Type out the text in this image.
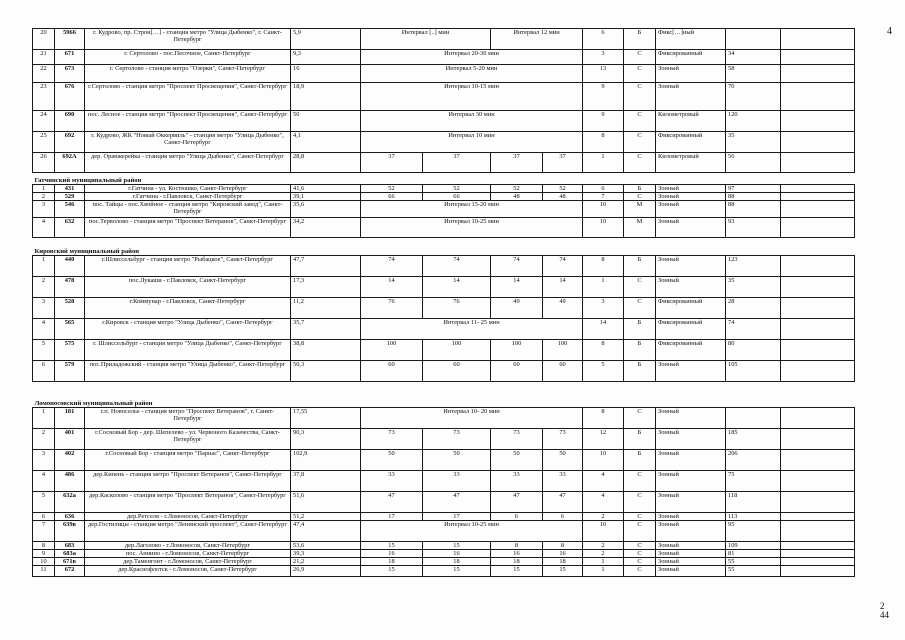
4
20	5966	г. Кудрово, пр. Строи[…] - станция метро "Улица Дыбенко", г. Санкт-Петербург	5,9	Интервал [..] мин		Интервал 12 мин		6	Б	Фикс[…]ный		
21	671	г. Сертолово - пос.Песочное, Санкт-Петербург	9,3	Интервал 20-30 мин				3	С	Фиксированный	34	
22	673	г. Сертолово - станция метро "Озерки", Санкт-Петербург	16	Интервал 5-20 мин				13	С	Зонный	58	
23	676	г.Сертолово - станция метро "Проспект Просвещения", Санкт-Петербург	18,9	Интервал 10-15 мин				9	С	Зонный	70	
24	690	пос. Лесное - станция метро "Проспект Просвещения", Санкт-Петербург	50	Интервал 30 мин				9	С	Километровый	120	
25	692	г. Кудрово, ЖК "Новый Оккервиль" - станция метро "Улица Дыбенко", Санкт-Петербург	4,1	Интервал 10 мин				8	С	Фиксированный	35	
26	692А	дер. Оранжерейка - станция метро "Улица Дыбенко", Санкт-Петербург	28,8	37	37	37	37	1	С	Километровый	56	
Гатчинский муниципальный район												
1	431	г.Гатчина - ул. Костюшко, Санкт-Петербург	41,6	52	52	52	52	6	Б	Зонный	97	
2	529	г.Гатчина - г.Павловск, Санкт-Петербург	39,1	66	66	48	48	7	С	Зонный	88	
3	546	пос. Тайцы - пос.Хвойное - станция метро "Кировский завод", Санкт-Петербург	35,6	Интервал 15-20 мин				10	М	Зонный	88	
4	632	пос.Терволово - станция метро "Проспект Ветеранов", Санкт-Петербург	34,2	Интервал 10-25 мин				10	М	Зонный	93	
Кировский муниципальный район												
1	440	г.Шлиссельбург - станция метро "Рыбацкое", Санкт-Петербург	47,7	74	74	74	74	8	Б	Зонный	123	
2	478	пос.Лукаши - г.Павловск, Санкт-Петербург	17,3	14	14	14	14	1	С	Зонный	35	
3	528	г.Коммунар - г.Павловск, Санкт-Петербург	11,2	76	76	49	49	3	С	Фиксированный	28	
4	565	г.Кировск - станция метро "Улица Дыбенко", Санкт-Петербург	35,7	Интервал 11- 25 мин				14	Б	Фиксированный	74	
5	575	г. Шлиссельбург - станция метро "Улица Дыбенко", Санкт-Петербург	38,8	100	100	100	100	8	Б	Фиксированный	80	
6	579	пос.Приладожский - станция метро "Улица Дыбенко", Санкт-Петербург	50,3	60	60	60	60	5	Б	Зонный	105	
Ломоносовский муниципальный район												
1	181	г.п. Новоселье - станция метро "Проспект Ветеранов", г. Санкт-Петербург	17,55	Интервал 10- 20 мин				8	С	Зонный		
2	401	г.Сосновый Бор - дер. Шепелево - ул. Червоного Казачества, Санкт-Петербург	90,3	73	73	73	73	12	Б	Зонный	185	
3	402	г.Сосновый Бор - станция метро "Парнас", Санкт-Петербург	102,9	50	50	50	50	10	Б	Зонный	206	
4	486	дер.Кипень - станция метро "Проспект Ветеранов", Санкт-Петербург	37,8	33	33	33	33	4	С	Зонный	75	
5	632а	дер.Касколово - станция метро "Проспект Ветеранов", Санкт-Петербург	51,6	47	47	47	47	4	С	Зонный	118	
6	636	дер.Ретселя - г.Ломоносов, Санкт-Петербург	51,2	17	17	6	6	2	С	Зонный	113	
7	639в	дер.Гостилицы - станция метро "Ленинский проспект", Санкт-Петербург	47,4	Интервал 10-25 мин				10	С	Зонный	95	
8	683	дер.Лаголово - г.Ломоносов, Санкт-Петербург	53,6	15	15	8	8	2	С	Зонный	109	
9	683а	пос. Аннино - г.Ломоносов, Санкт-Петербург	39,3	16	16	16	16	2	С	Зонный	81	
10	671в	дер.Таменгонт - г.Ломоносов, Санкт-Петербург	21,2	18	18	18	18	1	С	Зонный	55	
11	672	дер.Краснофлотск - г.Ломоносов, Санкт-Петербург	26,9	15	15	15	15	1	С	Зонный	55	
2
44
